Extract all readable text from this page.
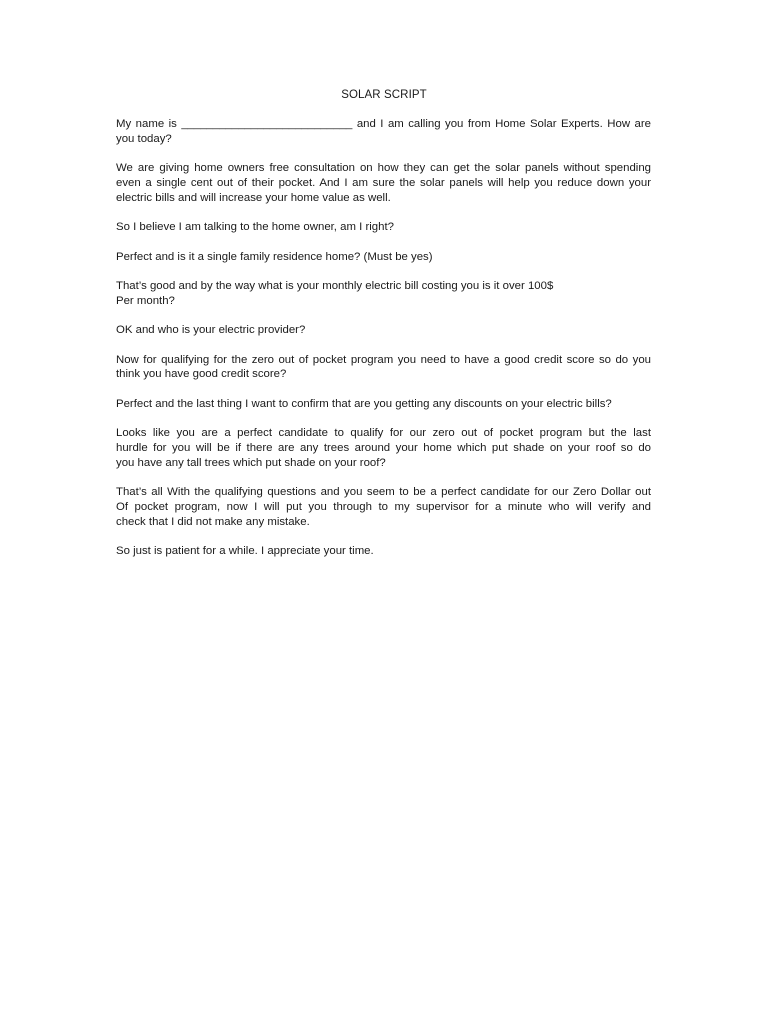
SOLAR SCRIPT

My name is ___________________________ and I am calling you from Home Solar Experts. How are
you today?

We are giving home owners free consultation on how they can get the solar panels without spending
even a single cent out of their pocket. And I am sure the solar panels will help you reduce down your
electric bills and will increase your home value as well.

So I believe I am talking to the home owner, am I right?

Perfect and is it a single family residence home? (Must be yes)

That’s good and by the way what is your monthly electric bill costing you is it over 100$
Per month?

OK and who is your electric provider?

Now for qualifying for the zero out of pocket program you need to have a good credit score so do you
think you have good credit score?

Perfect and the last thing I want to confirm that are you getting any discounts on your electric bills?

Looks like you are a perfect candidate to qualify for our zero out of pocket program but the last
hurdle for you will be if there are any trees around your home which put shade on your roof so do
you have any tall trees which put shade on your roof?

That’s all With the qualifying questions and you seem to be a perfect candidate for our Zero Dollar out
Of pocket program, now I will put you through to my supervisor for a minute who will verify and
check that I did not make any mistake.

So just is patient for a while. I appreciate your time.
